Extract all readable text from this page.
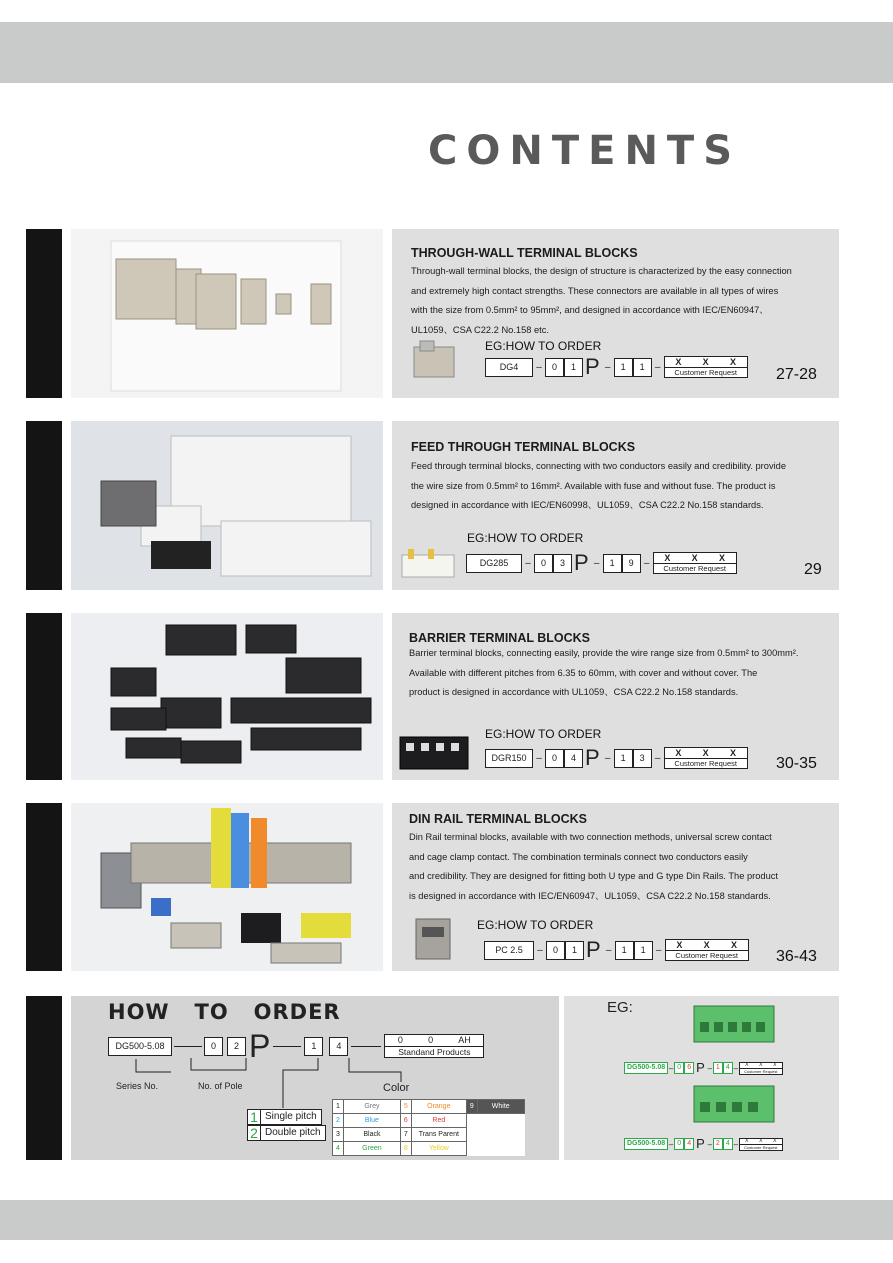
CONTENTS
THROUGH-WALL TERMINAL BLOCKS
Through-wall terminal blocks, the design of structure is characterized by the easy connection
and extremely high contact strengths. These connectors are available in all types of wires
with the size from 0.5mm² to 95mm², and designed in accordance with IEC/EN60947、
UL1059、CSA C22.2 No.158 etc.
EG:HOW TO ORDER
DG4	–	0	1 P –	1	1	–	X X X
Customer Request	27-28
FEED THROUGH TERMINAL BLOCKS
Feed through terminal blocks, connecting with two conductors easily and credibility. provide
the wire size from 0.5mm² to 16mm². Available with fuse and without fuse. The product is
designed in accordance with IEC/EN60998、UL1059、CSA C22.2 No.158 standards.
EG:HOW TO ORDER
DG285	–	0	3 P –	1	9	–	X X X
Customer Request	29
BARRIER TERMINAL BLOCKS
Barrier terminal blocks, connecting easily, provide the wire range size from 0.5mm² to 300mm².
Available with different pitches from 6.35 to 60mm, with cover and without cover. The
product is designed in accordance with UL1059、CSA C22.2 No.158 standards.
EG:HOW TO ORDER
DGR150 –	0	4 P –	1	3	–	X X X
Customer Request	30-35
DIN RAIL TERMINAL BLOCKS
Din Rail terminal blocks, available with two connection methods, universal screw contact
and cage clamp contact. The combination terminals connect two conductors easily
and credibility. They are designed for fitting both U type and G type Din Rails. The product
is designed in accordance with IEC/EN60947、UL1059、CSA C22.2 No.158 standards.
EG:HOW TO ORDER
PC 2.5	–	0	1 P –	1	1	–	X X X
Customer Request	36-43
HOW   TO   ORDER
DG500-5.08	0	2 P	1	4
0	0	AH
Standand Products
Series No.	No. of Pole	Color
1 Single pitch
2 Double pitch
1	Grey	5	Orange	9	White
2	Blue	6	Red		
3	Black	7	Trans Parent		
4	Green	8	Yellow		
EG:
DG500-5.08 – 0 6 P – 1 4 – X X X
Customer Request
DG500-5.08 – 0 4 P – 2 4 – X X X
Customer Request
